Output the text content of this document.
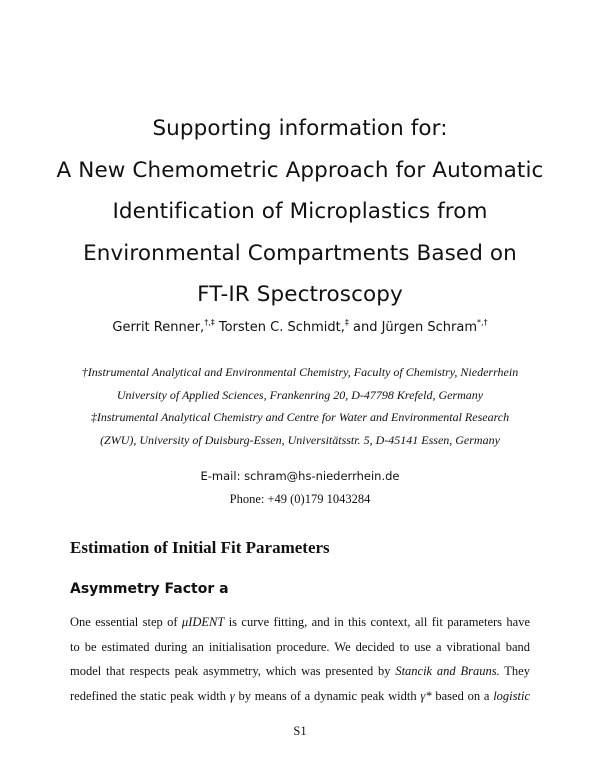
Supporting information for:
A New Chemometric Approach for Automatic
Identification of Microplastics from
Environmental Compartments Based on
FT-IR Spectroscopy
Gerrit Renner,†,‡ Torsten C. Schmidt,‡ and Jürgen Schram*,†
†Instrumental Analytical and Environmental Chemistry, Faculty of Chemistry, Niederrhein
University of Applied Sciences, Frankenring 20, D-47798 Krefeld, Germany
‡Instrumental Analytical Chemistry and Centre for Water and Environmental Research
(ZWU), University of Duisburg-Essen, Universitätsstr. 5, D-45141 Essen, Germany
E-mail: schram@hs-niederrhein.de
Phone: +49 (0)179 1043284
Estimation of Initial Fit Parameters
Asymmetry Factor a

One essential step of μIDENT is curve fitting, and in this context, all fit parameters have
to be estimated during an initialisation procedure. We decided to use a vibrational band
model that respects peak asymmetry, which was presented by Stancik and Brauns. They
redefined the static peak width γ by means of a dynamic peak width γ* based on a logistic

S1
